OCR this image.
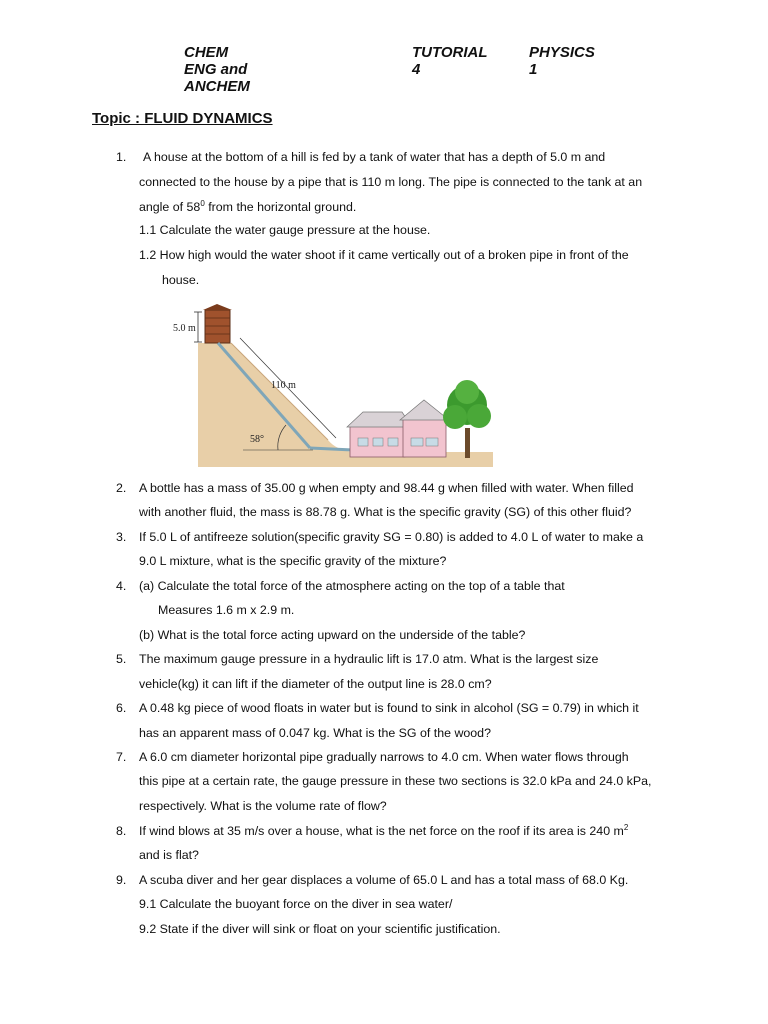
CHEM ENG and ANCHEM
TUTORIAL 4
PHYSICS 1
Topic : FLUID DYNAMICS
1. A house at the bottom of a hill is fed by a tank of water that has a depth of 5.0 m and
connected to the house by a pipe that is 110 m long. The pipe is connected to the tank at an
angle of $58^0$ from the horizontal ground.
1.1 Calculate the water gauge pressure at the house.
1.2 How high would the water shoot if it came vertically out of a broken pipe in front of the
house.
5.0 m
110 m
58°
2. A bottle has a mass of 35.00 g when empty and 98.44 g when filled with water. When filled
with another fluid, the mass is 88.78 g. What is the specific gravity (SG) of this other fluid?
3. If 5.0 L of antifreeze solution(specific gravity SG = 0.80) is added to 4.0 L of water to make a
9.0 L mixture, what is the specific gravity of the mixture?
4. (a) Calculate the total force of the atmosphere acting on the top of a table that
Measures 1.6 m x 2.9 m.
(b) What is the total force acting upward on the underside of the table?
5. The maximum gauge pressure in a hydraulic lift is 17.0 atm. What is the largest size
vehicle(kg) it can lift if the diameter of the output line is 28.0 cm?
6. A 0.48 kg piece of wood floats in water but is found to sink in alcohol (SG = 0.79) in which it
has an apparent mass of 0.047 kg. What is the SG of the wood?
7. A 6.0 cm diameter horizontal pipe gradually narrows to 4.0 cm. When water flows through
this pipe at a certain rate, the gauge pressure in these two sections is 32.0 kPa and 24.0 kPa,
respectively. What is the volume rate of flow?
8. If wind blows at 35 m/s over a house, what is the net force on the roof if its area is 240 $m^2$
and is flat?
9. A scuba diver and her gear displaces a volume of 65.0 L and has a total mass of 68.0 Kg.
9.1 Calculate the buoyant force on the diver in sea water/
9.2 State if the diver will sink or float on your scientific justification.
